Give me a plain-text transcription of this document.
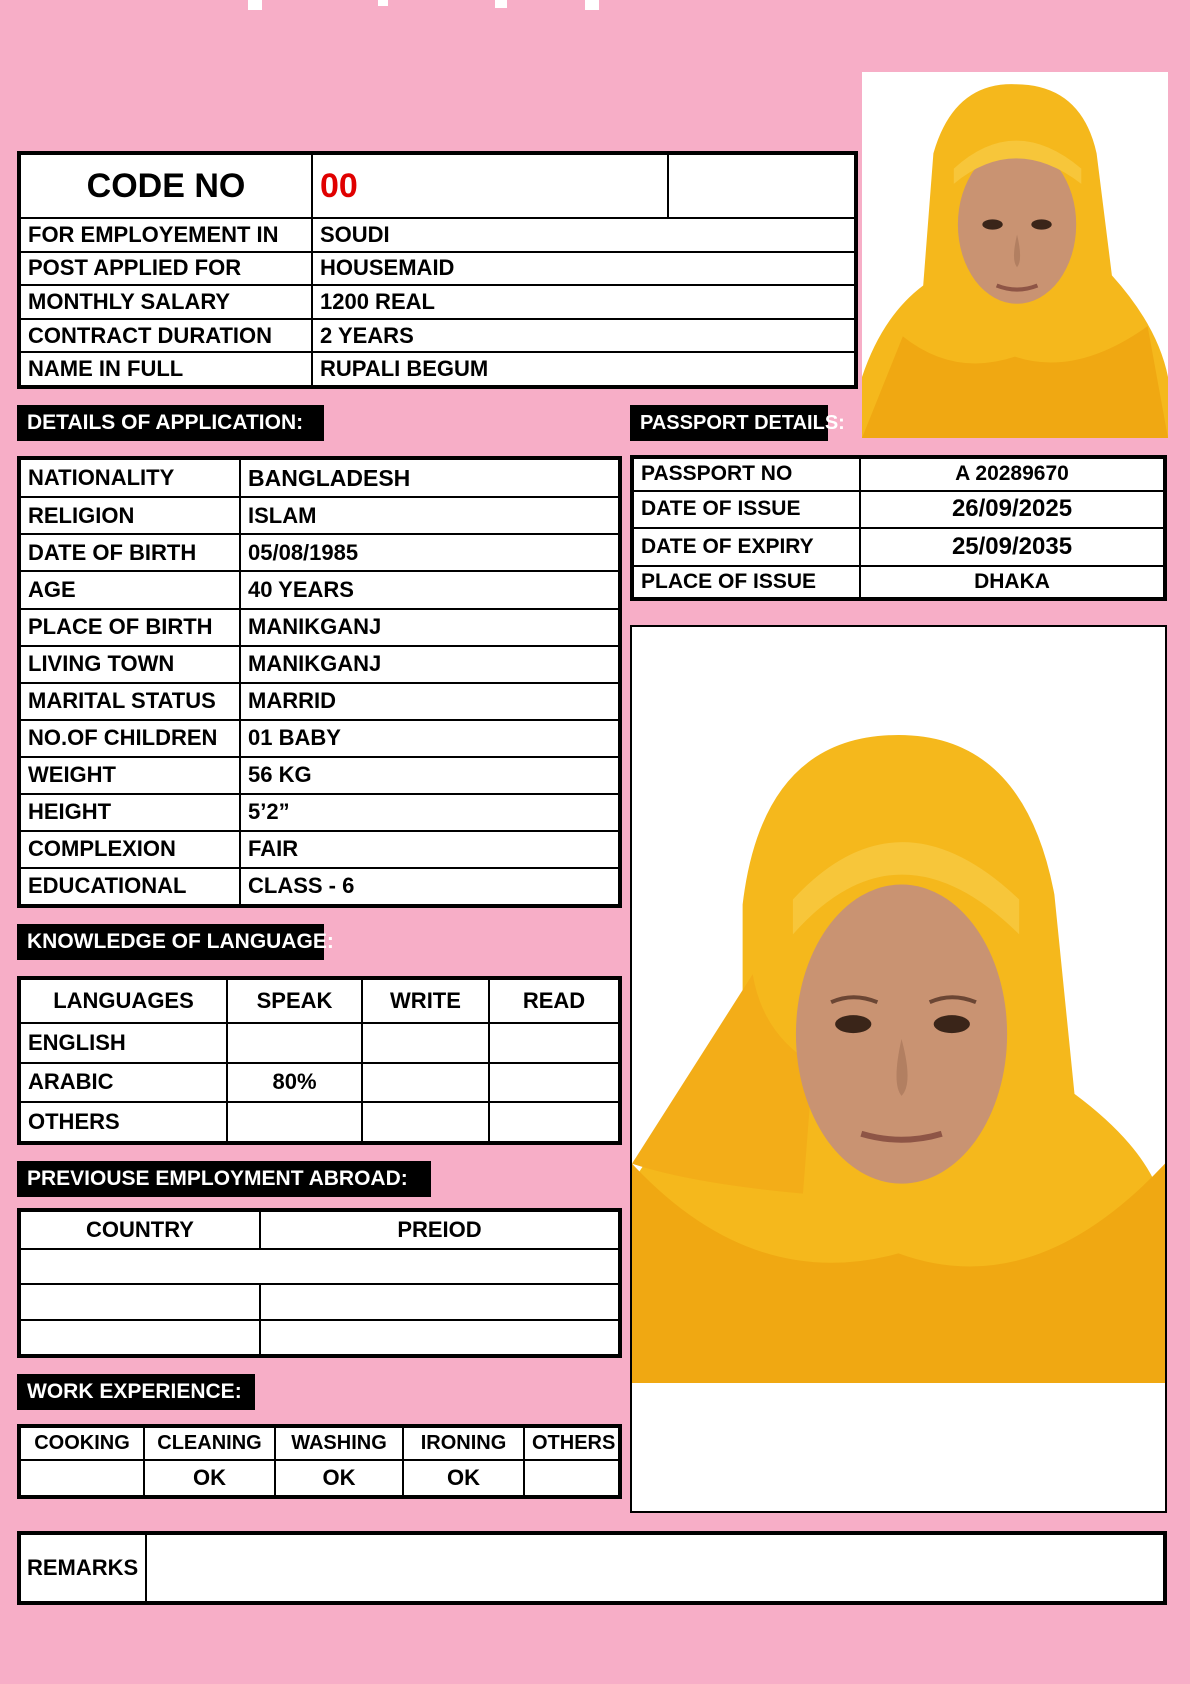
CODE NO	00	
FOR EMPLOYEMENT IN	SOUDI	
POST APPLIED FOR	HOUSEMAID	
MONTHLY SALARY	1200 REAL	
CONTRACT DURATION	2 YEARS	
NAME IN FULL	RUPALI BEGUM	
DETAILS OF APPLICATION:
NATIONALITY	BANGLADESH
RELIGION	ISLAM
DATE OF BIRTH	05/08/1985
AGE	40 YEARS
PLACE OF BIRTH	MANIKGANJ
LIVING TOWN	MANIKGANJ
MARITAL STATUS	MARRID
NO.OF CHILDREN	01 BABY
WEIGHT	56 KG
HEIGHT	5’2”
COMPLEXION	FAIR
EDUCATIONAL	CLASS - 6
PASSPORT DETAILS:
PASSPORT NO	A 20289670
DATE OF ISSUE	26/09/2025
DATE OF EXPIRY	25/09/2035
PLACE OF ISSUE	DHAKA
KNOWLEDGE OF LANGUAGE:
LANGUAGES	SPEAK	WRITE	READ
ENGLISH			
ARABIC	80%		
OTHERS			
PREVIOUSE EMPLOYMENT ABROAD:
COUNTRY	PREIOD

WORK EXPERIENCE:
COOKING	CLEANING	WASHING	IRONING	OTHERS
	OK	OK	OK	
REMARKS	
